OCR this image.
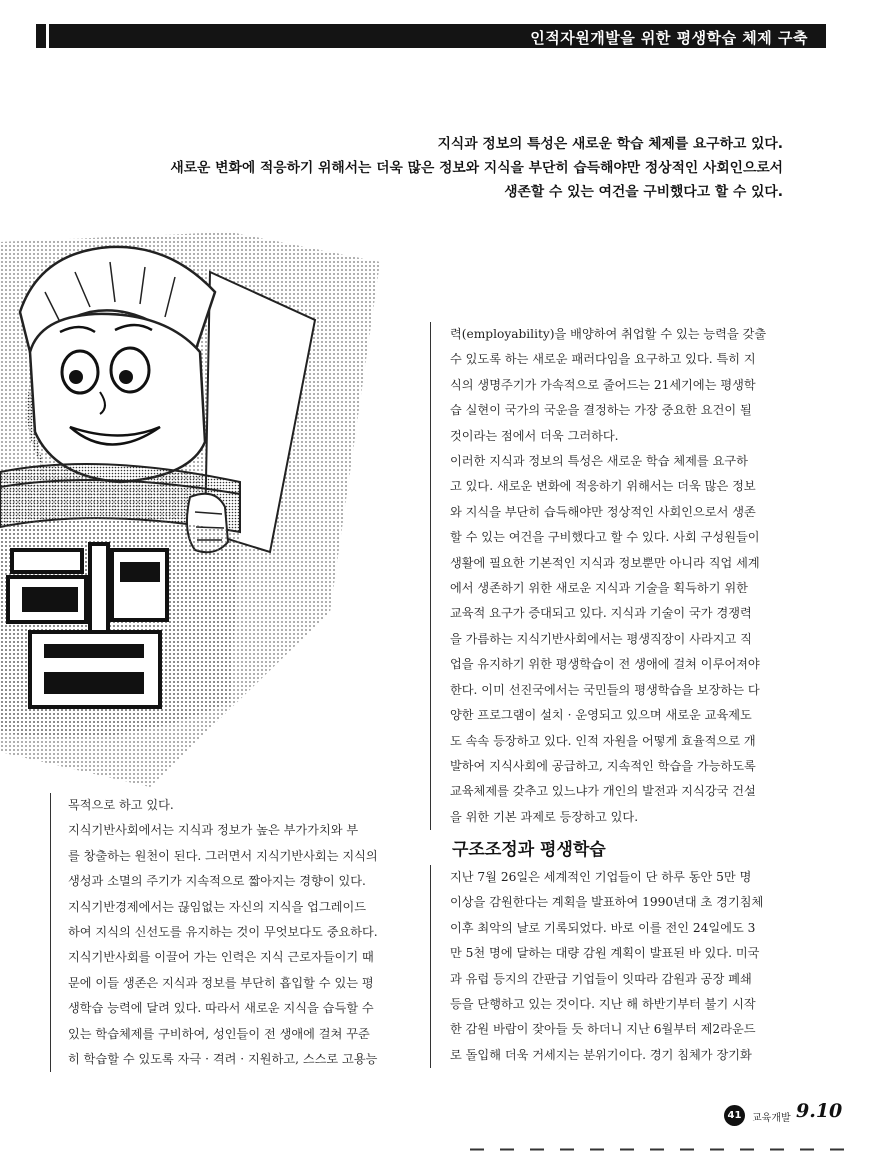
인적자원개발을 위한 평생학습 체제 구축
지식과 정보의 특성은 새로운 학습 체제를 요구하고 있다.
새로운 변화에 적응하기 위해서는 더욱 많은 정보와 지식을 부단히 습득해야만 정상적인 사회인으로서
생존할 수 있는 여건을 구비했다고 할 수 있다.

목적으로 하고 있다.

지식기반사회에서는 지식과 정보가 높은 부가가치와 부

를 창출하는 원천이 된다. 그러면서 지식기반사회는 지식의

생성과 소멸의 주기가 지속적으로 짧아지는 경향이 있다.

지식기반경제에서는 끊임없는 자신의 지식을 업그레이드

하여 지식의 신선도를 유지하는 것이 무엇보다도 중요하다.

지식기반사회를 이끌어 가는 인력은 지식 근로자들이기 때

문에 이들 생존은 지식과 정보를 부단히 흡입할 수 있는 평

생학습 능력에 달려 있다. 따라서 새로운 지식을 습득할 수

있는 학습체제를 구비하여, 성인들이 전 생애에 걸쳐 꾸준

히 학습할 수 있도록 자극 · 격려 · 지원하고, 스스로 고용능

력(employability)을 배양하여 취업할 수 있는 능력을 갖출

수 있도록 하는 새로운 패러다임을 요구하고 있다. 특히 지

식의 생명주기가 가속적으로 줄어드는 21세기에는 평생학

습 실현이 국가의 국운을 결정하는 가장 중요한 요건이 될

것이라는 점에서 더욱 그러하다.

이러한 지식과 정보의 특성은 새로운 학습 체제를 요구하

고 있다. 새로운 변화에 적응하기 위해서는 더욱 많은 정보

와 지식을 부단히 습득해야만 정상적인 사회인으로서 생존

할 수 있는 여건을 구비했다고 할 수 있다. 사회 구성원들이

생활에 필요한 기본적인 지식과 정보뿐만 아니라 직업 세계

에서 생존하기 위한 새로운 지식과 기술을 획득하기 위한

교육적 요구가 증대되고 있다. 지식과 기술이 국가 경쟁력

을 가름하는 지식기반사회에서는 평생직장이 사라지고 직

업을 유지하기 위한 평생학습이 전 생애에 걸쳐 이루어져야

한다. 이미 선진국에서는 국민들의 평생학습을 보장하는 다

양한 프로그램이 설치 · 운영되고 있으며 새로운 교육제도

도 속속 등장하고 있다. 인적 자원을 어떻게 효율적으로 개

발하여 지식사회에 공급하고, 지속적인 학습을 가능하도록

교육체제를 갖추고 있느냐가 개인의 발전과 지식강국 건설

을 위한 기본 과제로 등장하고 있다.

구조조정과 평생학습

지난 7월 26일은 세계적인 기업들이 단 하루 동안 5만 명

이상을 감원한다는 계획을 발표하여 1990년대 초 경기침체

이후 최악의 날로 기록되었다. 바로 이를 전인 24일에도 3

만 5천 명에 달하는 대량 감원 계획이 발표된 바 있다. 미국

과 유럽 등지의 간판급 기업들이 잇따라 감원과 공장 폐쇄

등을 단행하고 있는 것이다. 지난 해 하반기부터 불기 시작

한 감원 바람이 잦아들 듯 하더니 지난 6월부터 제2라운드

로 돌입해 더욱 거세지는 분위기이다. 경기 침체가 장기화

41	교육개발 9.10
